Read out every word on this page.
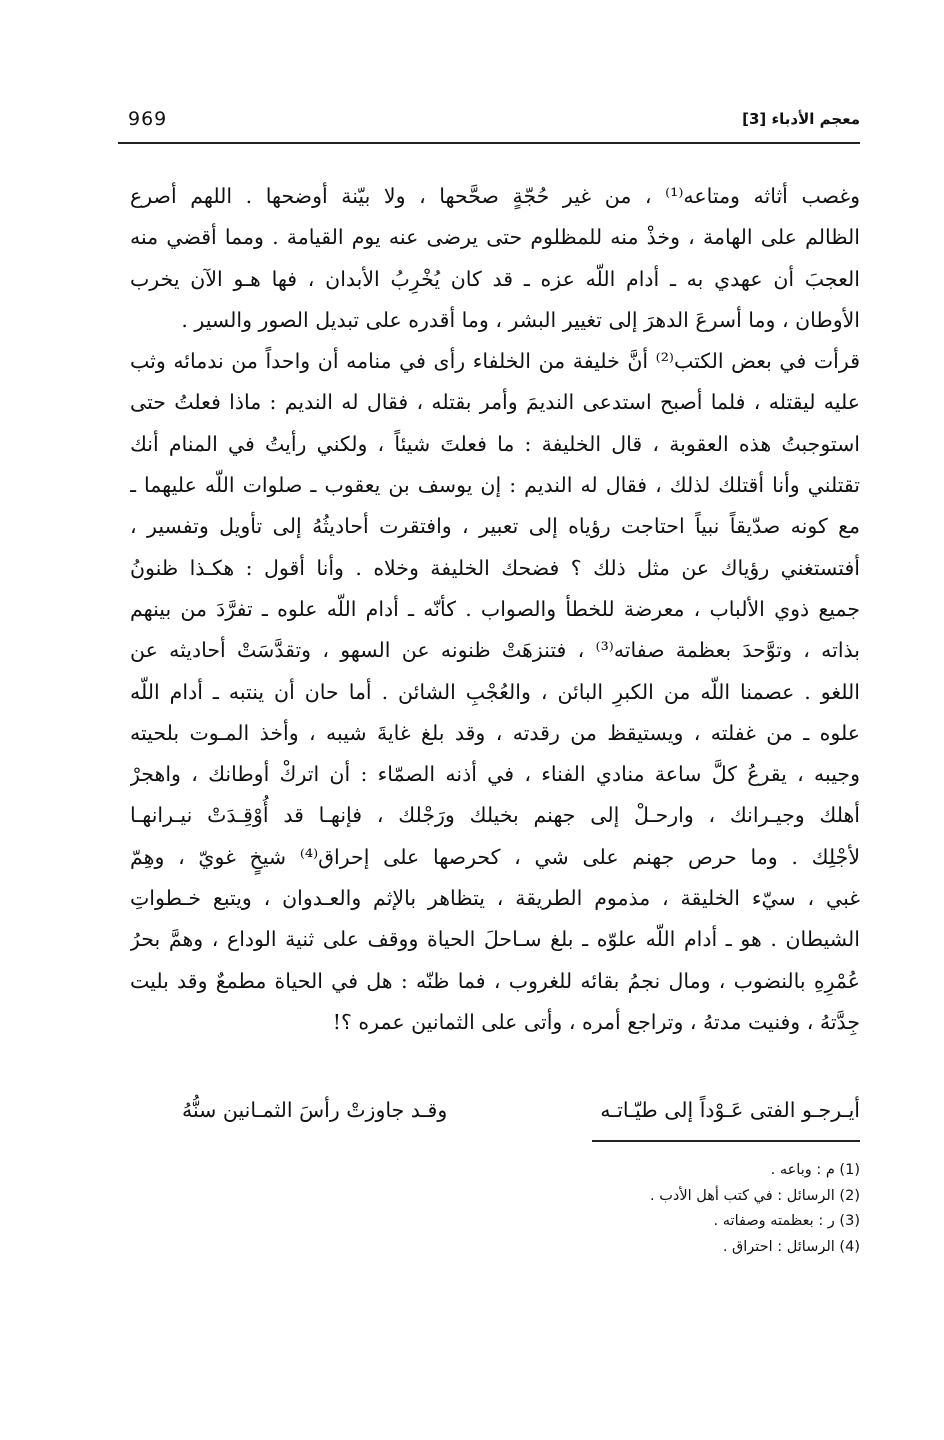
969	معجم الأدباء [3]
وغصب أثاثه ومتاعه⁽¹⁾ ، من غير حُجّةٍ صحَّحها ، ولا بيّنة أوضحها . اللهم أصرع
الظالم على الهامة ، وخذْ منه للمظلوم حتى يرضى عنه يوم القيامة . ومما أقضي منه
العجبَ أن عهدي به ـ أدام اللّه عزه ـ قد كان يُخْرِبُ الأبدان ، فها هـو الآن يخرب
الأوطان ، وما أسرعَ الدهرَ إلى تغيير البشر ، وما أقدره على تبديل الصور والسير .
قرأت في بعض الكتب⁽²⁾ أنَّ خليفة من الخلفاء رأى في منامه أن واحداً من ندمائه وثب
عليه ليقتله ، فلما أصبح استدعى النديمَ وأمر بقتله ، فقال له النديم : ماذا فعلتُ حتى
استوجبتُ هذه العقوبة ، قال الخليفة : ما فعلتَ شيئاً ، ولكني رأيتُ في المنام أنك
تقتلني وأنا أقتلك لذلك ، فقال له النديم : إن يوسف بن يعقوب ـ صلوات اللّه عليهما ـ
مع كونه صدّيقاً نبياً احتاجت رؤياه إلى تعبير ، وافتقرت أحاديثُهُ إلى تأويل وتفسير ،
أفتستغني رؤياك عن مثل ذلك ؟ فضحك الخليفة وخلاه . وأنا أقول : هكـذا ظنونُ
جميع ذوي الألباب ، معرضة للخطأ والصواب . كأنّه ـ أدام اللّه علوه ـ تفرَّدَ من بينهم
بذاته ، وتوَّحدَ بعظمة صفاته⁽³⁾ ، فتنزهَتْ ظنونه عن السهو ، وتقدَّسَتْ أحاديثه عن
اللغو . عصمنا اللّه من الكبرِ البائن ، والعُجْبِ الشائن . أما حان أن ينتبه ـ أدام اللّه
علوه ـ من غفلته ، ويستيقظ من رقدته ، وقد بلغ غايةَ شيبه ، وأخذ المـوت بلحيته
وجيبه ، يقرعُ كلَّ ساعة منادي الفناء ، في أذنه الصمّاء : أن اتركْ أوطانك ، واهجرْ
أهلك وجيـرانك ، وارحـلْ إلى جهنم بخيلك ورَجْلك ، فإنهـا قد أُوْقِـدَتْ نيـرانهـا
لأجْلِك . وما حرص جهنم على شي ، كحرصها على إحراق⁽⁴⁾ شيخٍ غويّ ، وهِمّ
غبي ، سيّء الخليقة ، مذموم الطريقة ، يتظاهر بالإثم والعـدوان ، ويتبع خـطواتِ
الشيطان . هو ـ أدام اللّه علوّه ـ بلغ سـاحلَ الحياة ووقف على ثنية الوداع ، وهمَّ بحرُ
عُمْرِهِ بالنضوب ، ومال نجمُ بقائه للغروب ، فما ظنّه : هل في الحياة مطمعٌ وقد بليت
جِدَّتهُ ، وفنيت مدتهُ ، وتراجع أمره ، وأتى على الثمانين عمره ؟!
أيـرجـو الفتى عَـوْداً إلى طيّـاتـه
وقـد جاوزتْ رأسَ الثمـانين سنُّهُ
(1) م : وباعه .
(2) الرسائل : في كتب أهل الأدب .
(3) ر : بعظمته وصفاته .
(4) الرسائل : احتراق .
